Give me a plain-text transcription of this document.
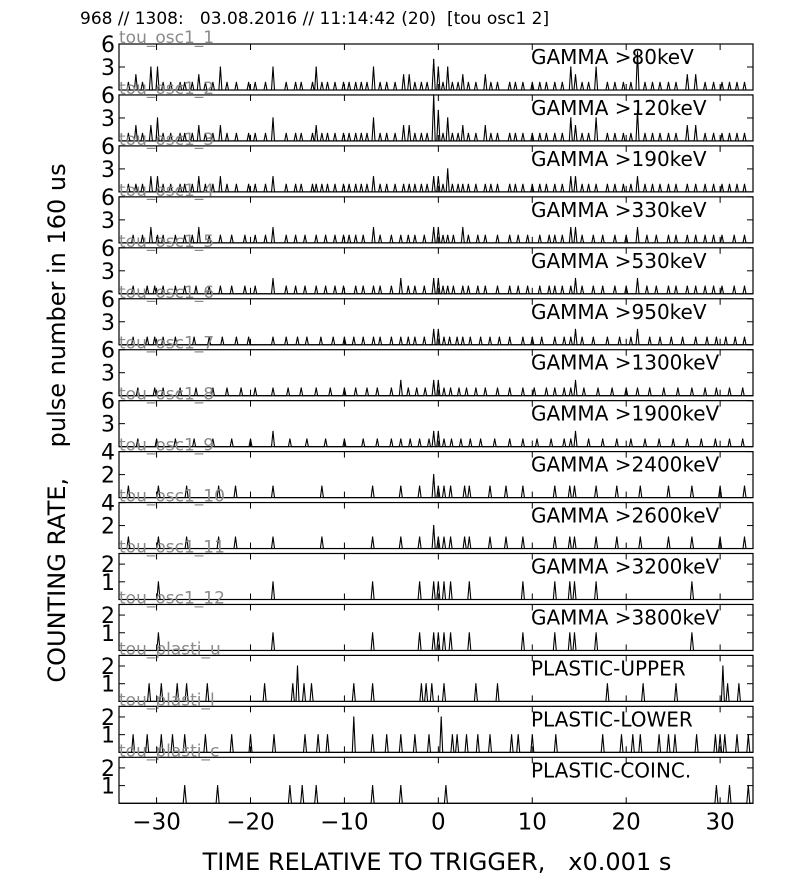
968 // 1308:   03.08.2016 // 11:14:42 (20)  [tou osc1 2]
3
6	GAMMA >80keV
tou_osc1_1
3
6	GAMMA >120keV
tou_osc1_2
3
6	GAMMA >190keV
tou_osc1_3
3
6	GAMMA >330keV
tou_osc1_4
3
6	GAMMA >530keV
tou_osc1_5
3
6	GAMMA >950keV
tou_osc1_6
3
6	GAMMA >1300keV
tou_osc1_7
3
6	GAMMA >1900keV
tou_osc1_8
2
4	GAMMA >2400keV
tou_osc1_9
2
4	GAMMA >2600keV
tou_osc1_10
1
2	GAMMA >3200keV
tou_osc1_11
1
2	GAMMA >3800keV
tou_osc1_12
1
2	PLASTIC-UPPER
tou_plasti_u
1
2	PLASTIC-LOWER
tou_plasti_l
1
2	PLASTIC-COINC.
tou_plasti_c
−30 −20 −10	0	10	20	30
COUNTING RATE,    pulse number in 160 us
TIME RELATIVE TO TRIGGER,   x0.001 s
